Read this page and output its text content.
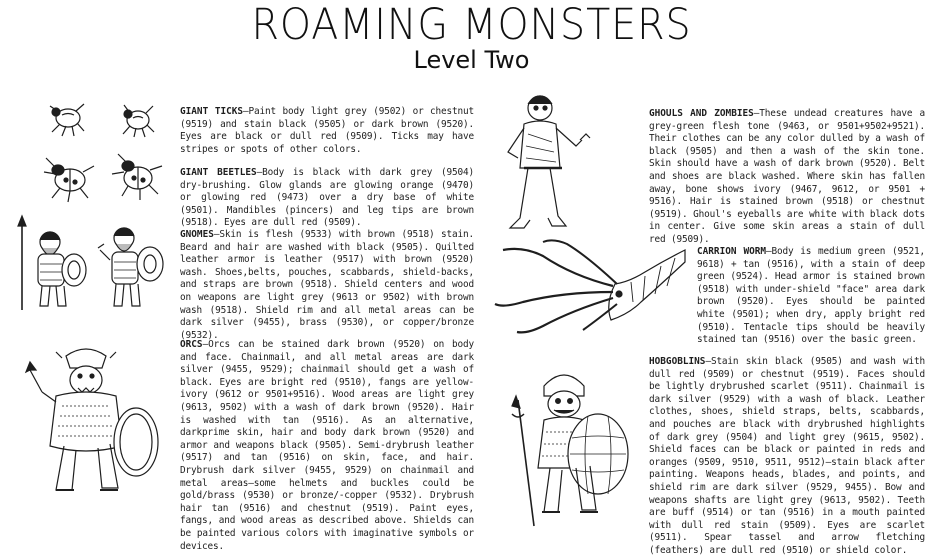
ROAMING MONSTERS
Level Two
GIANT TICKS—Paint body light grey (9502) or chestnut (9519) and stain black (9505) or dark brown (9520). Eyes are black or dull red (9509). Ticks may have stripes or spots of other colors.
GIANT BEETLES—Body is black with dark grey (9504) dry-brushing. Glow glands are glowing orange (9470) or glowing red (9473) over a dry base of white (9501). Mandibles (pincers) and leg tips are brown (9518). Eyes are dull red (9509).
GNOMES—Skin is flesh (9533) with brown (9518) stain. Beard and hair are washed with black (9505). Quilted leather armor is leather (9517) with brown (9520) wash. Shoes,belts, pouches, scabbards, shield-backs, and straps are brown (9518). Shield centers and wood on weapons are light grey (9613 or 9502) with brown wash (9518). Shield rim and all metal areas can be dark silver (9455), brass (9530), or copper/bronze (9532).
ORCS—Orcs can be stained dark brown (9520) on body and face. Chainmail, and all metal areas are dark silver (9455, 9529); chainmail should get a wash of black. Eyes are bright red (9510), fangs are yellow-ivory (9612 or 9501+9516). Wood areas are light grey (9613, 9502) with a wash of dark brown (9520). Hair is washed with tan (9516). As an alternative, darkprime skin, hair and body dark brown (9520) and armor and weapons black (9505). Semi-drybrush leather (9517) and tan (9516) on skin, face, and hair. Drybrush dark silver (9455, 9529) on chainmail and metal areas—some helmets and buckles could be gold/brass (9530) or bronze/-copper (9532). Drybrush hair tan (9516) and chestnut (9519). Paint eyes, fangs, and wood areas as described above. Shields can be painted various colors with imaginative symbols or devices.
GHOULS AND ZOMBIES—These undead creatures have a grey-green flesh tone (9463, or 9501+9502+9521). Their clothes can be any color dulled by a wash of black (9505) and then a wash of the skin tone. Skin should have a wash of dark brown (9520). Belt and shoes are black washed. Where skin has fallen away, bone shows ivory (9467, 9612, or 9501 + 9516). Hair is stained brown (9518) or chestnut (9519). Ghoul's eyeballs are white with black dots in center. Give some skin areas a stain of dull red (9509).
CARRION WORM—Body is medium green (9521, 9618) + tan (9516), with a stain of deep green (9524). Head armor is stained brown (9518) with under-shield "face" area dark brown (9520). Eyes should be painted white (9501); when dry, apply bright red (9510). Tentacle tips should be heavily stained tan (9516) over the basic green.
HOBGOBLINS—Stain skin black (9505) and wash with dull red (9509) or chestnut (9519). Faces should be lightly drybrushed scarlet (9511). Chainmail is dark silver (9529) with a wash of black. Leather clothes, shoes, shield straps, belts, scabbards, and pouches are black with drybrushed highlights of dark grey (9504) and light grey (9615, 9502). Shield faces can be black or painted in reds and oranges (9509, 9510, 9511, 9512)—stain black after painting. Weapons heads, blades, and points, and shield rim are dark silver (9529, 9455). Bow and weapons shafts are light grey (9613, 9502). Teeth are buff (9514) or tan (9516) in a mouth painted with dull red stain (9509). Eyes are scarlet (9511). Spear tassel and arrow fletching (feathers) are dull red (9510) or shield color.
